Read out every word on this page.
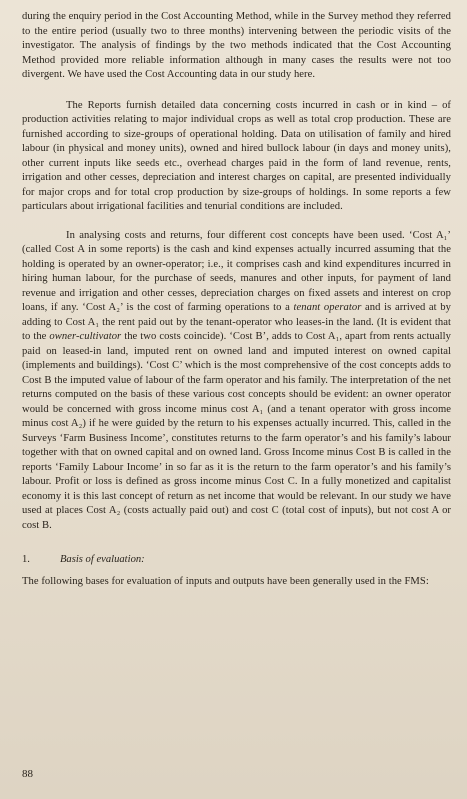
during the enquiry period in the Cost Accounting Method, while in the Survey method they referred to the entire period (usually two to three months) intervening between the periodic visits of the investigator. The analysis of findings by the two methods indicated that the Cost Accounting Method provided more reliable information although in many cases the results were not too divergent. We have used the Cost Accounting data in our study here.

The Reports furnish detailed data concerning costs incurred in cash or in kind – of production activities relating to major individual crops as well as total crop production. These are furnished according to size-groups of operational holding. Data on utilisation of family and hired labour (in physical and money units), owned and hired bullock labour (in days and money units), other current inputs like seeds etc., overhead charges paid in the form of land revenue, rents, irrigation and other cesses, depreciation and interest charges on capital, are presented individually for major crops and for total crop production by size-groups of holdings. In some reports a few particulars about irrigational facilities and tenurial conditions are included.

In analysing costs and returns, four different cost concepts have been used. ‘Cost A₁’ (called Cost A in some reports) is the cash and kind expenses actually incurred assuming that the holding is operated by an owner-operator; i.e., it comprises cash and kind expenditures incurred in hiring human labour, for the purchase of seeds, manures and other inputs, for payment of land revenue and irrigation and other cesses, depreciation charges on fixed assets and interest on crop loans, if any. ‘Cost A₂’ is the cost of farming operations to a tenant operator and is arrived at by adding to Cost A₁ the rent paid out by the tenant-operator who leases-in the land. (It is evident that to the owner-cultivator the two costs coincide). ‘Cost B’, adds to Cost A₁, apart from rents actually paid on leased-in land, imputed rent on owned land and imputed interest on owned capital (implements and buildings). ‘Cost C’ which is the most comprehensive of the cost concepts adds to Cost B the imputed value of labour of the farm operator and his family. The interpretation of the net returns computed on the basis of these various cost concepts should be evident: an owner operator would be concerned with gross income minus cost A₁ (and a tenant operator with gross income minus cost A₂) if he were guided by the return to his expenses actually incurred. This, called in the Surveys ‘Farm Business Income’, constitutes returns to the farm operator’s and his family’s labour together with that on owned capital and on owned land. Gross Income minus Cost B is called in the reports ‘Family Labour Income’ in so far as it is the return to the farm operator’s and his family’s labour. Profit or loss is defined as gross income minus Cost C. In a fully monetized and capitalist economy it is this last concept of return as net income that would be relevant. In our study we have used at places Cost A₂ (costs actually paid out) and cost C (total cost of inputs), but not cost A or cost B.

1.	Basis of evaluation:

The following bases for evaluation of inputs and outputs have been generally used in the FMS:

88
